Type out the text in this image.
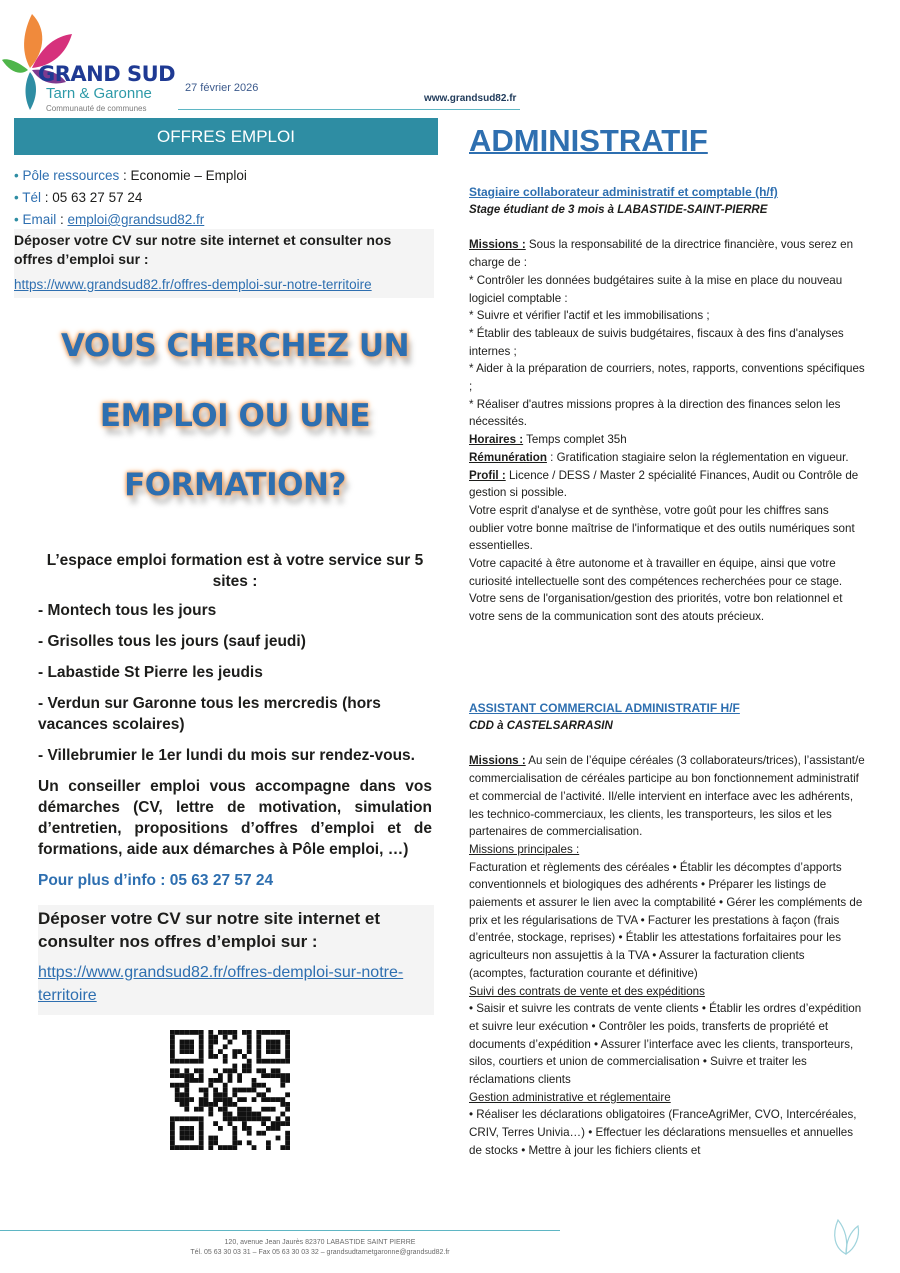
GRAND SUD
Tarn & Garonne
Communauté de communes
27 février 2026
www.grandsud82.fr
OFFRES EMPLOI
• Pôle ressources : Economie – Emploi
• Tél : 05 63 27 57 24
• Email : emploi@grandsud82.fr
Déposer votre CV sur notre site internet et consulter nos offres d’emploi sur :
https://www.grandsud82.fr/offres-demploi-sur-notre-territoire
VOUS CHERCHEZ UN
EMPLOI OU UNE
FORMATION?
L’espace emploi formation est à votre service sur 5 sites :
- Montech tous les jours
- Grisolles tous les jours (sauf jeudi)
- Labastide St Pierre les jeudis
- Verdun sur Garonne tous les mercredis (hors vacances scolaires)
- Villebrumier le 1er lundi du mois sur rendez-vous.
Un conseiller emploi vous accompagne dans vos démarches (CV, lettre de motivation, simulation d’entretien, propositions d’offres d’emploi et de formations, aide aux démarches à Pôle emploi, …)
Pour plus d’info : 05 63 27 57 24
Déposer votre CV sur notre site internet et consulter nos offres d’emploi sur :
https://www.grandsud82.fr/offres-demploi-sur-notre-territoire
ADMINISTRATIF
Stagiaire collaborateur administratif et comptable (h/f)
Stage étudiant de 3 mois à LABASTIDE-SAINT-PIERRE
Missions : Sous la responsabilité de la directrice financière, vous serez en charge de :
* Contrôler les données budgétaires suite à la mise en place du nouveau logiciel comptable :
* Suivre et vérifier l'actif et les immobilisations ;
* Établir des tableaux de suivis budgétaires, fiscaux à des fins d'analyses internes ;
* Aider à la préparation de courriers, notes, rapports, conventions spécifiques ;
* Réaliser d'autres missions propres à la direction des finances selon les nécessités.
Horaires : Temps complet 35h
Rémunération : Gratification stagiaire selon la réglementation en vigueur.
Profil : Licence / DESS / Master 2 spécialité Finances, Audit ou Contrôle de gestion si possible.
Votre esprit d'analyse et de synthèse, votre goût pour les chiffres sans oublier votre bonne maîtrise de l'informatique et des outils numériques sont essentielles.
Votre capacité à être autonome et à travailler en équipe, ainsi que votre curiosité intellectuelle sont des compétences recherchées pour ce stage.
Votre sens de l'organisation/gestion des priorités, votre bon relationnel et votre sens de la communication sont des atouts précieux.
ASSISTANT COMMERCIAL ADMINISTRATIF H/F
CDD à CASTELSARRASIN
Missions : Au sein de l’équipe céréales (3 collaborateurs/trices), l’assistant/e commercialisation de céréales participe au bon fonctionnement administratif et commercial de l’activité. Il/elle intervient en interface avec les adhérents, les technico-commerciaux, les clients, les transporteurs, les silos et les partenaires de commercialisation.
Missions principales :
Facturation et règlements des céréales • Établir les décomptes d’apports conventionnels et biologiques des adhérents • Préparer les listings de paiements et assurer le lien avec la comptabilité • Gérer les compléments de prix et les régularisations de TVA • Facturer les prestations à façon (frais d’entrée, stockage, reprises) • Établir les attestations forfaitaires pour les agriculteurs non assujettis à la TVA • Assurer la facturation clients (acomptes, facturation courante et définitive)
Suivi des contrats de vente et des expéditions
• Saisir et suivre les contrats de vente clients • Établir les ordres d’expédition et suivre leur exécution • Contrôler les poids, transferts de propriété et documents d’expédition • Assurer l’interface avec les clients, transporteurs, silos, courtiers et union de commercialisation • Suivre et traiter les réclamations clients
Gestion administrative et réglementaire
• Réaliser les déclarations obligatoires (FranceAgriMer, CVO, Intercéréales, CRIV, Terres Univia…) • Effectuer les déclarations mensuelles et annuelles de stocks • Mettre à jour les fichiers clients et
120, avenue Jean Jaurès 82370 LABASTIDE SAINT PIERRE
Tél. 05 63 30 03 31 – Fax 05 63 30 03 32 – grandsudtarnetgaronne@grandsud82.fr
